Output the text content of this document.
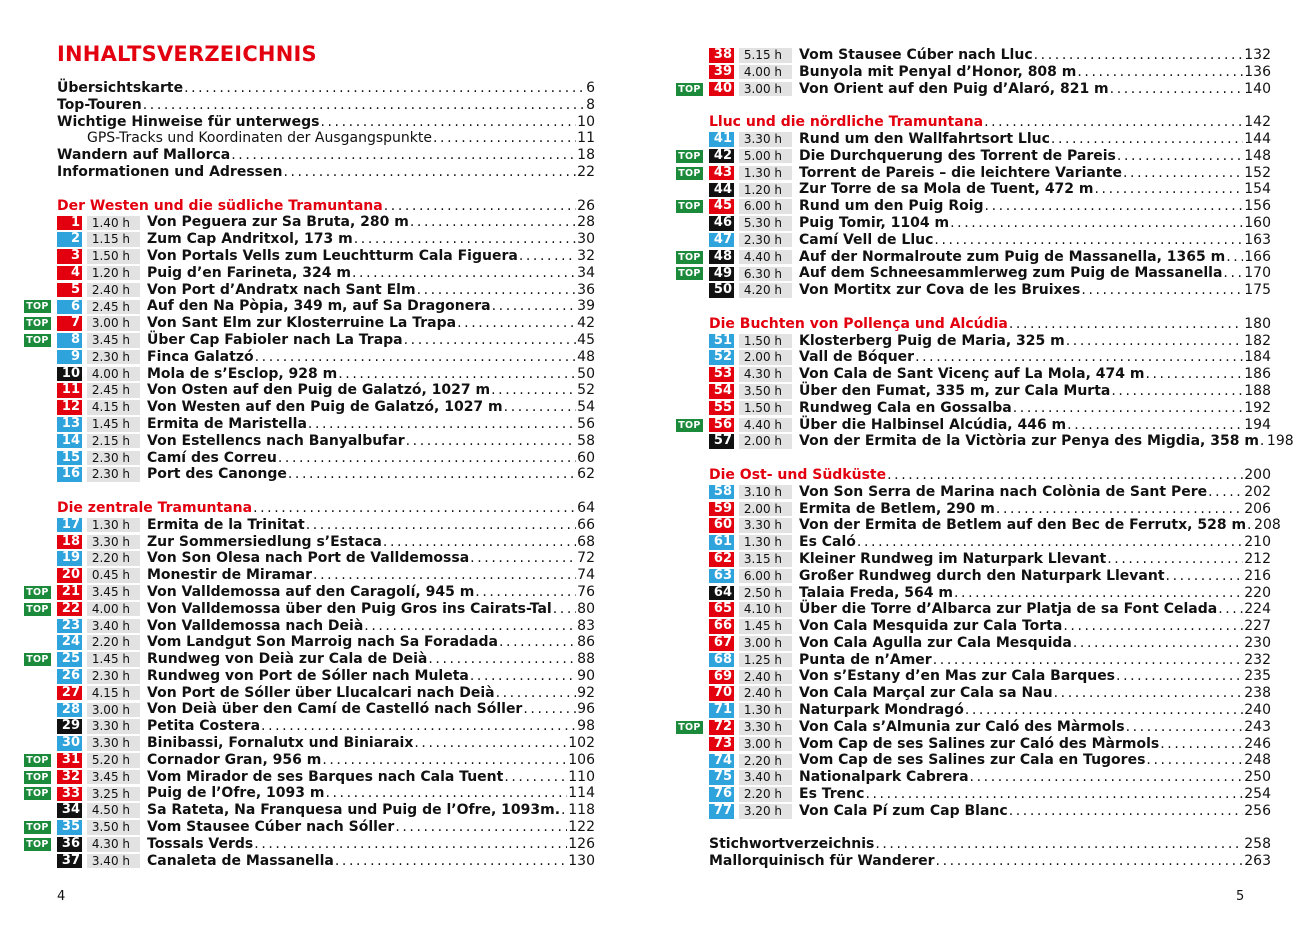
INHALTSVERZEICHNIS
Übersichtskarte .....	6
Top-Touren .....	8
Wichtige Hinweise für unterwegs .....	10
GPS-Tracks und Koordinaten der Ausgangspunkte .....	11
Wandern auf Mallorca .....	18
Informationen und Adressen .....	22
Der Westen und die südliche Tramuntana .....	26
1 1.40 h	Von Peguera zur Sa Bruta, 280 m .....	28
2 1.15 h	Zum Cap Andritxol, 173 m .....	30
3 1.50 h	Von Portals Vells zum Leuchtturm Cala Figuera .....	32
4 1.20 h	Puig d’en Farineta, 324 m .....	34
5 2.40 h	Von Port d’Andratx nach Sant Elm .....	36
TOP	6 2.45 h	Auf den Na Pòpia, 349 m, auf Sa Dragonera .....	39
TOP	7 3.00 h	Von Sant Elm zur Klosterruine La Trapa .....	42
TOP	8 3.45 h	Über Cap Fabioler nach La Trapa .....	45
9 2.30 h	Finca Galatzó .....	48
10 4.00 h	Mola de s’Esclop, 928 m .....	50
11 2.45 h	Von Osten auf den Puig de Galatzó, 1027 m .....	52
12 4.15 h	Von Westen auf den Puig de Galatzó, 1027 m .....	54
13 1.45 h	Ermita de Maristella .....	56
14 2.15 h	Von Estellencs nach Banyalbufar .....	58
15 2.30 h	Camí des Correu .....	60
16 2.30 h	Port des Canonge .....	62
Die zentrale Tramuntana .....	64
17 1.30 h	Ermita de la Trinitat .....	66
18 3.30 h	Zur Sommersiedlung s’Estaca .....	68
19 2.20 h	Von Son Olesa nach Port de Valldemossa .....	72
20 0.45 h	Monestir de Miramar .....	74
TOP	21 3.45 h	Von Valldemossa auf den Caragolí, 945 m .....	76
TOP	22 4.00 h	Von Valldemossa über den Puig Gros ins Cairats-Tal ..... 80
23 3.40 h	Von Valldemossa nach Deià .....	83
24 2.20 h	Vom Landgut Son Marroig nach Sa Foradada .....	86
TOP	25 1.45 h	Rundweg von Deià zur Cala de Deià .....	88
26 2.30 h	Rundweg von Port de Sóller nach Muleta .....	90
27 4.15 h	Von Port de Sóller über Llucalcari nach Deià .....	92
28 3.00 h	Von Deià über den Camí de Castelló nach Sóller .....	96
29 3.30 h	Petita Costera .....	98
30 3.30 h	Binibassi, Fornalutx und Biniaraix .....	102
TOP	31 5.20 h	Cornador Gran, 956 m .....	106
TOP	32 3.45 h	Vom Mirador de ses Barques nach Cala Tuent .....	110
TOP	33 3.25 h	Puig de l’Ofre, 1093 m .....	114
34 4.50 h	Sa Rateta, Na Franquesa und Puig de l’Ofre, 1093m. ..... 118
TOP	35 3.50 h	Vom Stausee Cúber nach Sóller .....	122
TOP	36 4.30 h	Tossals Verds .....	126
37 3.40 h	Canaleta de Massanella .....	130
4
38 5.15 h	Vom Stausee Cúber nach Lluc .....	132
39 4.00 h	Bunyola mit Penyal d’Honor, 808 m .....	136
TOP	40 3.00 h	Von Orient auf den Puig d’Alaró, 821 m .....	140
Lluc und die nördliche Tramuntana .....	142
41 3.30 h	Rund um den Wallfahrtsort Lluc .....	144
TOP	42 5.00 h	Die Durchquerung des Torrent de Pareis .....	148
TOP	43 1.30 h	Torrent de Pareis – die leichtere Variante .....	152
44 1.20 h	Zur Torre de sa Mola de Tuent, 472 m .....	154
TOP	45 6.00 h	Rund um den Puig Roig .....	156
46 5.30 h	Puig Tomir, 1104 m .....	160
47 2.30 h	Camí Vell de Lluc .....	163
TOP	48 4.40 h	Auf der Normalroute zum Puig de Massanella, 1365 m ..... 166
TOP	49 6.30 h	Auf dem Schneesammlerweg zum Puig de Massanella ..... 170
50 4.20 h	Von Mortitx zur Cova de les Bruixes .....	175
Die Buchten von Pollença und Alcúdia .....	180
51 1.50 h	Klosterberg Puig de Maria, 325 m .....	182
52 2.00 h	Vall de Bóquer .....	184
53 4.30 h	Von Cala de Sant Vicenç auf La Mola, 474 m .....	186
54 3.50 h	Über den Fumat, 335 m, zur Cala Murta .....	188
55 1.50 h	Rundweg Cala en Gossalba .....	192
TOP	56 4.40 h	Über die Halbinsel Alcúdia, 446 m .....	194
57 2.00 h	Von der Ermita de la Victòria zur Penya des Migdia, 358 m ..... 198
Die Ost- und Südküste .....	200
58 3.10 h	Von Son Serra de Marina nach Colònia de Sant Pere .....	202
59 2.00 h	Ermita de Betlem, 290 m .....	206
60 3.30 h	Von der Ermita de Betlem auf den Bec de Ferrutx, 528 m ..... 208
61 1.30 h	Es Caló .....	210
62 3.15 h	Kleiner Rundweg im Naturpark Llevant .....	212
63 6.00 h	Großer Rundweg durch den Naturpark Llevant .....	216
64 2.50 h	Talaia Freda, 564 m .....	220
65 4.10 h	Über die Torre d’Albarca zur Platja de sa Font Celada ..... 224
66 1.45 h	Von Cala Mesquida zur Cala Torta .....	227
67 3.00 h	Von Cala Agulla zur Cala Mesquida .....	230
68 1.25 h	Punta de n’Amer .....	232
69 2.40 h	Von s’Estany d’en Mas zur Cala Barques .....	235
70 2.40 h	Von Cala Marçal zur Cala sa Nau .....	238
71 1.30 h	Naturpark Mondragó .....	240
TOP	72 3.30 h	Von Cala s’Almunia zur Caló des Màrmols .....	243
73 3.00 h	Vom Cap de ses Salines zur Caló des Màrmols .....	246
74 2.20 h	Vom Cap de ses Salines zur Cala en Tugores .....	248
75 3.40 h	Nationalpark Cabrera .....	250
76 2.20 h	Es Trenc .....	254
77 3.20 h	Von Cala Pí zum Cap Blanc .....	256
Stichwortverzeichnis .....	258
Mallorquinisch für Wanderer .....	263
5
